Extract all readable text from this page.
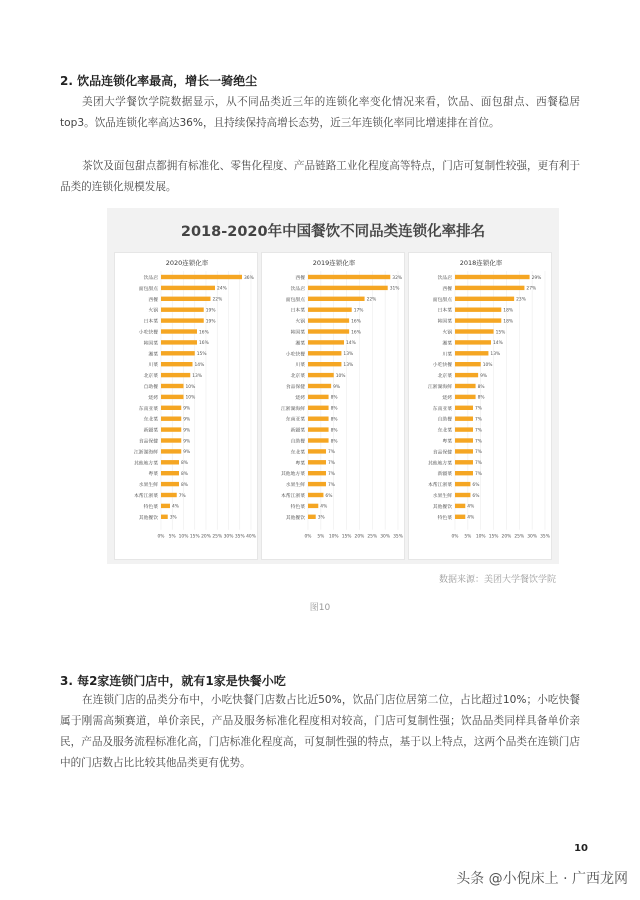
2. 饮品连锁化率最高，增长一骑绝尘

美团大学餐饮学院数据显示，从不同品类近三年的连锁化率变化情况来看，饮品、面包甜点、西餐稳居top3。饮品连锁化率高达36%，且持续保持高增长态势，近三年连锁化率同比增速排在首位。

茶饮及面包甜点都拥有标准化、零售化程度、产品链路工业化程度高等特点，门店可复制性较强，更有利于品类的连锁化规模发展。

2018-2020年中国餐饮不同品类连锁化率排名
2020连锁化率
0% 5% 10% 15% 20% 25% 30% 35% 40%
饮品店	36%
面包甜点	24%
西餐	22%
火锅	19%
日本菜	19%
小吃快餐	16%
韩国菜	16%
湘菜	15%
川菜	14%
北京菜	13%
自助餐	10%
烧烤	10%
东南亚菜	9%
东北菜	9%
新疆菜	9%
食品保健	9%
江浙湖海鲜	9%
其他地方菜	8%
粤菜	8%
水果生鲜	8%
本帮江浙菜	7%
特色菜	4%
其他餐饮	3%
2019连锁化率
0% 5% 10% 15% 20% 25% 30% 35%
西餐	32%
饮品店	31%
面包甜点	22%
日本菜	17%
火锅	16%
韩国菜	16%
湘菜	14%
小吃快餐	13%
川菜	13%
北京菜	10%
食品保健	9%
烧烤	8%
江浙湖海鲜	8%
东南亚菜	8%
新疆菜	8%
自助餐	8%
东北菜	7%
粤菜	7%
其他地方菜	7%
水果生鲜	7%
本帮江浙菜	6%
特色菜	4%
其他餐饮	3%
2018连锁化率
0% 5% 10% 15% 20% 25% 30% 35%
饮品店	29%
西餐	27%
面包甜点	23%
日本菜	18%
韩国菜	18%
火锅	15%
湘菜	14%
川菜	13%
小吃快餐	10%
北京菜	9%
江浙湖海鲜	8%
烧烤	8%
东南亚菜	7%
自助餐	7%
东北菜	7%
粤菜	7%
食品保健	7%
其他地方菜	7%
新疆菜	7%
本帮江浙菜	6%
水果生鲜	6%
其他餐饮	4%
特色菜	4%
数据来源：美团大学餐饮学院
图10
3. 每2家连锁门店中，就有1家是快餐小吃

在连锁门店的品类分布中，小吃快餐门店数占比近50%，饮品门店位居第二位，占比超过10%；小吃快餐属于刚需高频赛道，单价亲民，产品及服务标准化程度相对较高，门店可复制性强；饮品品类同样具备单价亲民，产品及服务流程标准化高，门店标准化程度高，可复制性强的特点，基于以上特点，这两个品类在连锁门店中的门店数占比比较其他品类更有优势。

10
头条 @小倪床上 · 广西龙网
